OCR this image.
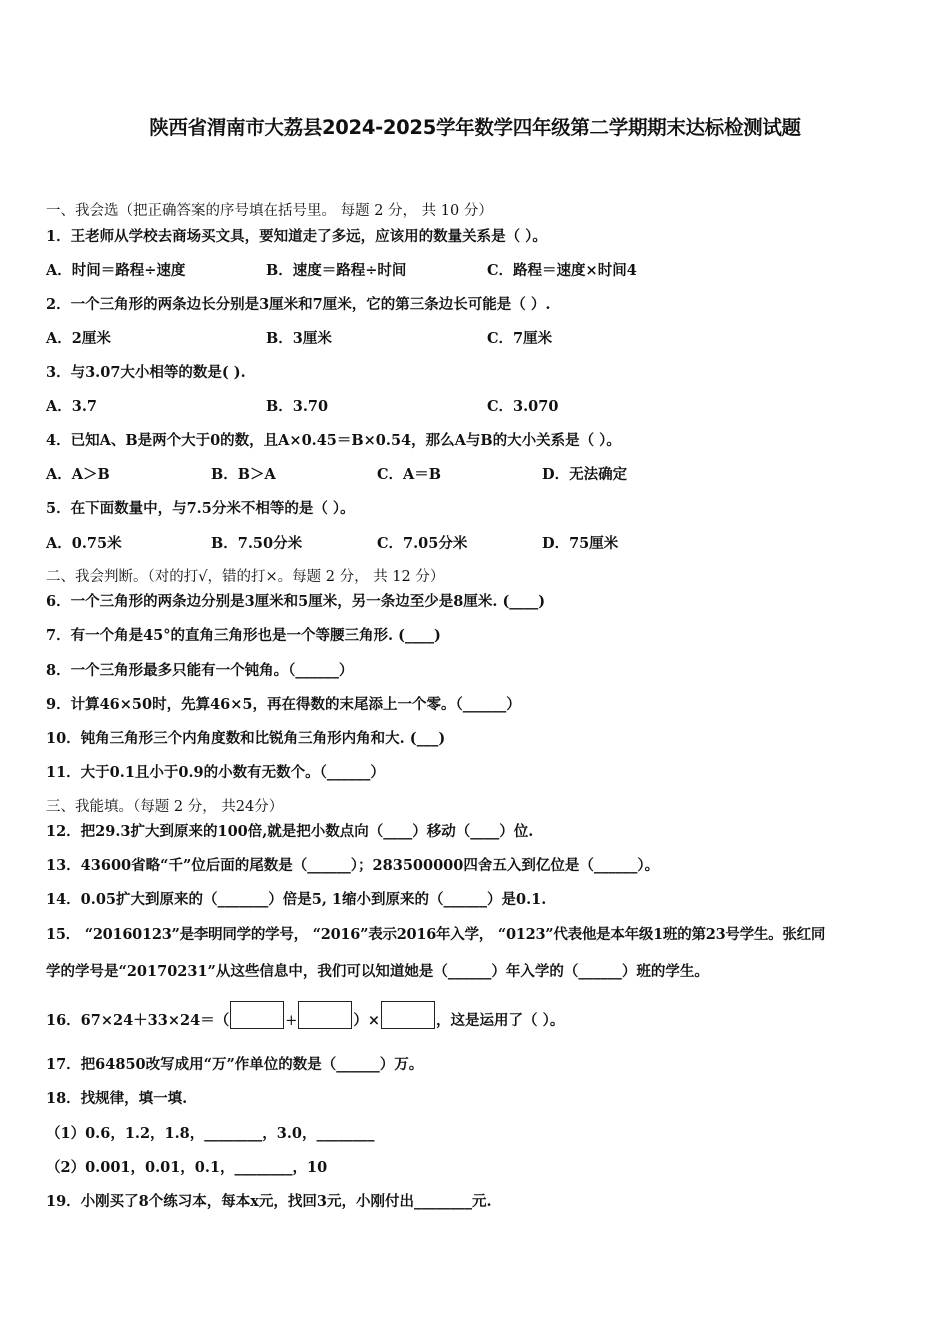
陕西省渭南市大荔县2024-2025学年数学四年级第二学期期末达标检测试题
一、我会选（把正确答案的序号填在括号里。 每题 2 分， 共 10 分）
1．王老师从学校去商场买文具，要知道走了多远，应该用的数量关系是（ ）。
A．时间＝路程÷速度	B．速度＝路程÷时间	C．路程＝速度×时间4
2．一个三角形的两条边长分别是3厘米和7厘米，它的第三条边长可能是（ ）.
A．2厘米	B．3厘米	C．7厘米
3．与3.07大小相等的数是( ).
A．3.7	B．3.70	C．3.070
4．已知A、B是两个大于0的数，且A×0.45＝B×0.54，那么A与B的大小关系是（ ）。
A．A＞B	B．B＞A	C．A＝B	D．无法确定
5．在下面数量中，与7.5分米不相等的是（ ）。
A．0.75米	B．7.50分米	C．7.05分米	D．75厘米
二、我会判断。（对的打√，错的打×。每题 2 分， 共 12 分）
6．一个三角形的两条边分别是3厘米和5厘米，另一条边至少是8厘米. (____)
7．有一个角是45°的直角三角形也是一个等腰三角形. (____)
8．一个三角形最多只能有一个钝角。（______）
9．计算46×50时，先算46×5，再在得数的末尾添上一个零。（______）
10．钝角三角形三个内角度数和比锐角三角形内角和大. (___)
11．大于0.1且小于0.9的小数有无数个。（______）
三、我能填。（每题 2 分， 共24分）
12．把29.3扩大到原来的100倍,就是把小数点向（____）移动（____）位.
13．43600省略“千”位后面的尾数是（______）；283500000四舍五入到亿位是（______）。
14．0.05扩大到原来的（_______）倍是5, 1缩小到原来的（______）是0.1.
15． “20160123”是李明同学的学号， “2016”表示2016年入学， “0123”代表他是本年级1班的第23号学生。张红同
学的学号是“20170231”从这些信息中，我们可以知道她是（______）年入学的（______）班的学生。
16．67×24＋33×24＝（	+	）×	，这是运用了（ ）。
17．把64850改写成用“万”作单位的数是（______）万。
18．找规律，填一填.
（1）0.6，1.2，1.8，________，3.0，________
（2）0.001，0.01，0.1，________，10
19．小刚买了8个练习本，每本x元，找回3元，小刚付出________元.
